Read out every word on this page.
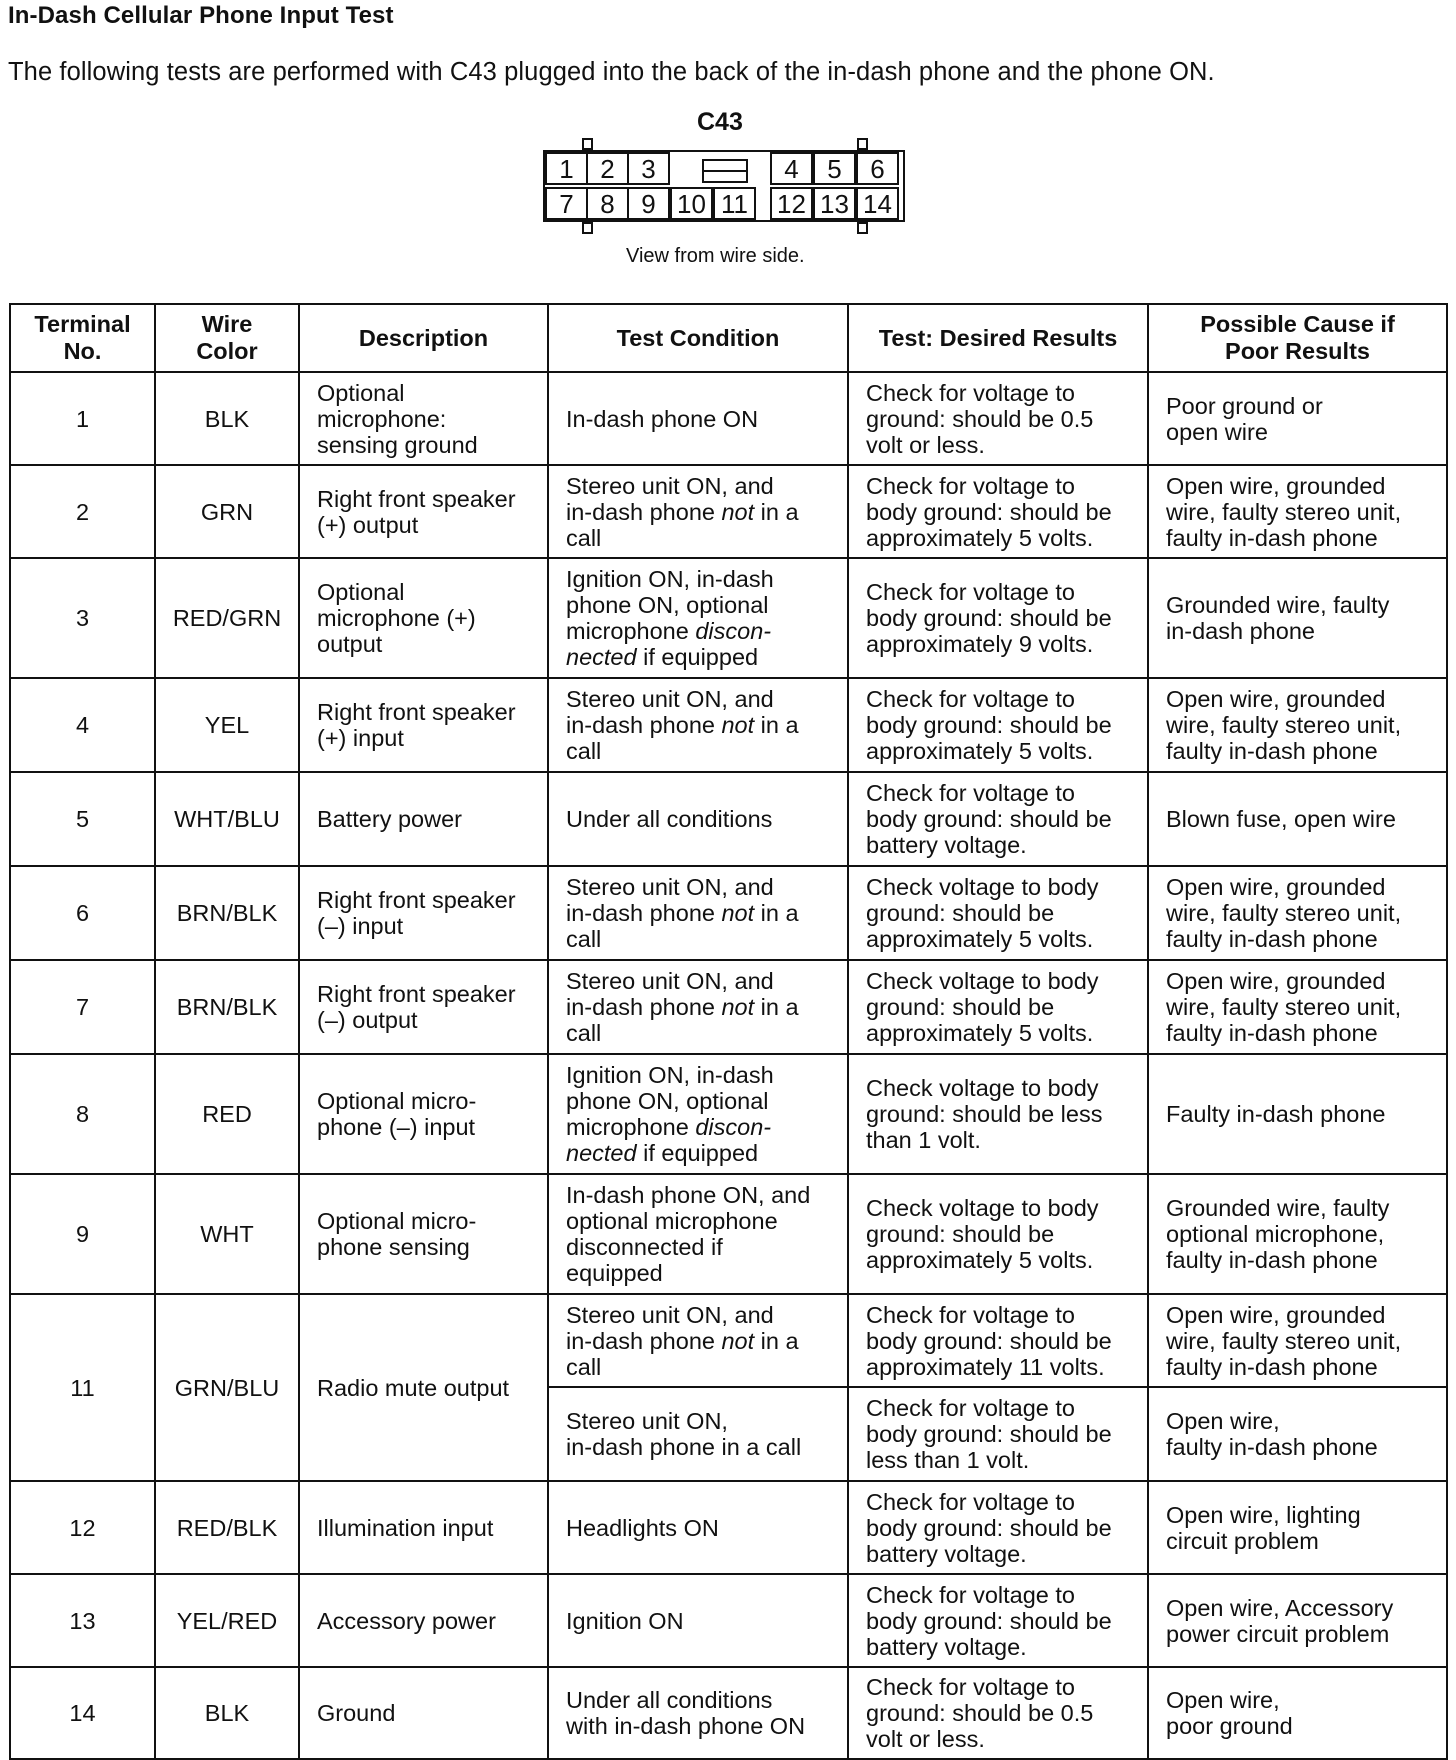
In-Dash Cellular Phone Input Test
The following tests are performed with C43 plugged into the back of the in-dash phone and the phone ON.
C43
1	2	3	4	5	6
7	8	9 10 11	12 13 14
View from wire side.
Terminal
No.	Wire
Color	Description	Test Condition	Test: Desired Results	Possible Cause if
Poor Results
1	BLK	Optional
microphone:
sensing ground	In-dash phone ON	Check for voltage to
ground: should be 0.5
volt or less.	Poor ground or
open wire
2	GRN	Right front speaker
(+) output	Stereo unit ON, and
in-dash phone not in a
call	Check for voltage to
body ground: should be
approximately 5 volts.	Open wire, grounded
wire, faulty stereo unit,
faulty in-dash phone
3	RED/GRN	Optional
microphone (+)
output	Ignition ON, in-dash
phone ON, optional
microphone discon-
nected if equipped	Check for voltage to
body ground: should be
approximately 9 volts.	Grounded wire, faulty
in-dash phone
4	YEL	Right front speaker
(+) input	Stereo unit ON, and
in-dash phone not in a
call	Check for voltage to
body ground: should be
approximately 5 volts.	Open wire, grounded
wire, faulty stereo unit,
faulty in-dash phone
5	WHT/BLU	Battery power	Under all conditions	Check for voltage to
body ground: should be
battery voltage.	Blown fuse, open wire
6	BRN/BLK	Right front speaker
(–) input	Stereo unit ON, and
in-dash phone not in a
call	Check voltage to body
ground: should be
approximately 5 volts.	Open wire, grounded
wire, faulty stereo unit,
faulty in-dash phone
7	BRN/BLK	Right front speaker
(–) output	Stereo unit ON, and
in-dash phone not in a
call	Check voltage to body
ground: should be
approximately 5 volts.	Open wire, grounded
wire, faulty stereo unit,
faulty in-dash phone
8	RED	Optional micro-
phone (–) input	Ignition ON, in-dash
phone ON, optional
microphone discon-
nected if equipped	Check voltage to body
ground: should be less
than 1 volt.	Faulty in-dash phone
9	WHT	Optional micro-
phone sensing	In-dash phone ON, and
optional microphone
disconnected if
equipped	Check voltage to body
ground: should be
approximately 5 volts.	Grounded wire, faulty
optional microphone,
faulty in-dash phone
11	GRN/BLU	Radio mute output	Stereo unit ON, and
in-dash phone not in a
call	Check for voltage to
body ground: should be
approximately 11 volts.	Open wire, grounded
wire, faulty stereo unit,
faulty in-dash phone
			Stereo unit ON,
in-dash phone in a call	Check for voltage to
body ground: should be
less than 1 volt.	Open wire,
faulty in-dash phone
12	RED/BLK	Illumination input	Headlights ON	Check for voltage to
body ground: should be
battery voltage.	Open wire, lighting
circuit problem
13	YEL/RED	Accessory power	Ignition ON	Check for voltage to
body ground: should be
battery voltage.	Open wire, Accessory
power circuit problem
14	BLK	Ground	Under all conditions
with in-dash phone ON	Check for voltage to
ground: should be 0.5
volt or less.	Open wire,
poor ground
